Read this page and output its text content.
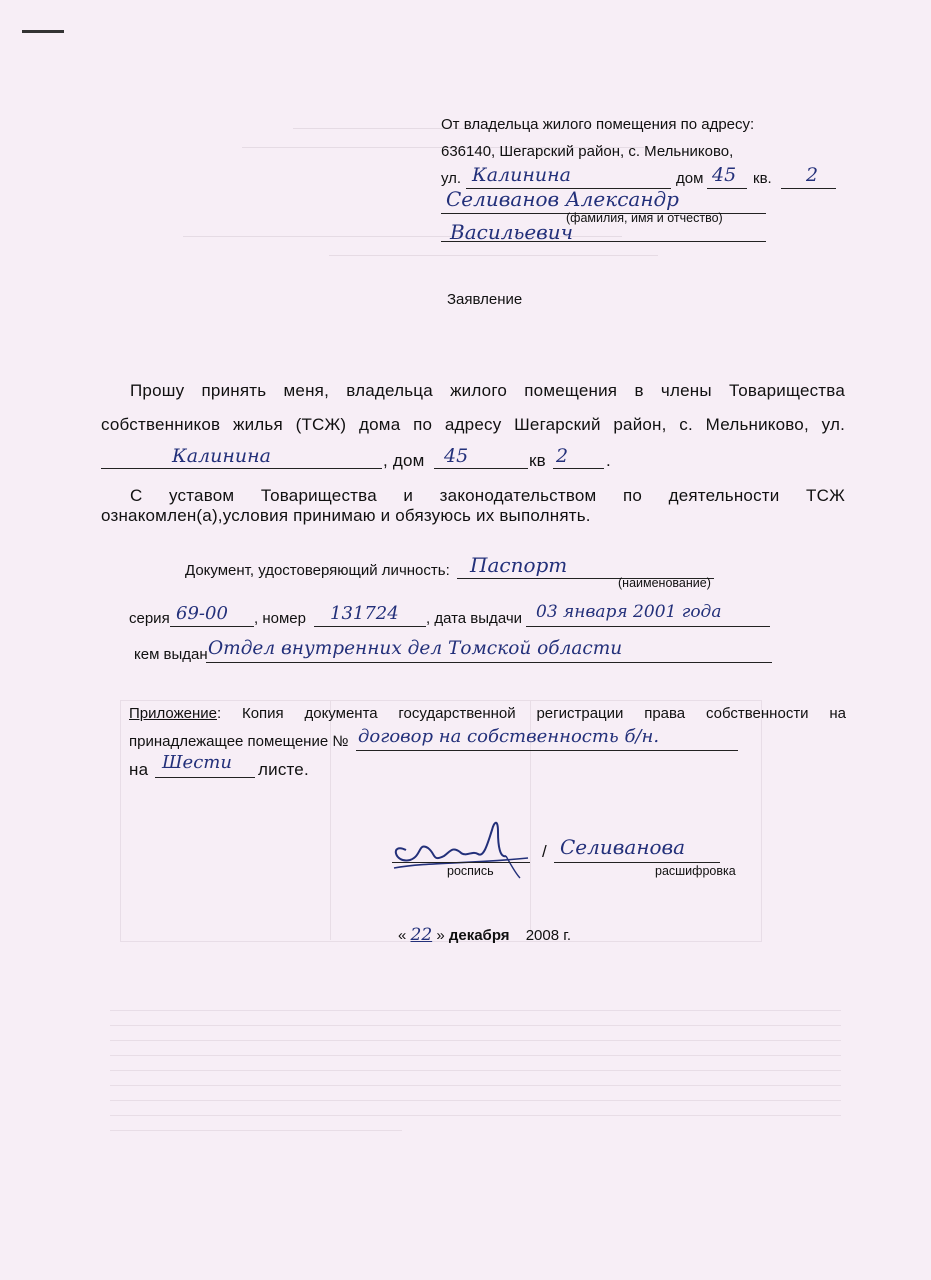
От владельца жилого помещения по адресу:
636140, Шегарский район, с. Мельниково,
ул. Калинина	дом 45 кв. 2
Селиванов Александр
(фамилия, имя и отчество)
Васильевич
Заявление
Прошу принять меня, владельца жилого помещения в члены Товарищества
собственников жилья (ТСЖ) дома по адресу Шегарский район, с. Мельниково, ул.
Калинина	, дом 45	кв 2 .
С уставом Товарищества и законодательством по деятельности ТСЖ
ознакомлен(а),условия принимаю и обязуюсь их выполнять.
Документ, удостоверяющий личность: Паспорт
(наименование)
серия 69-00 , номер 131724 , дата выдачи 03 января 2001 года
кем выдан Отдел внутренних дел Томской области
Приложение: Копия документа государственной регистрации права собственности на
принадлежащее помещение № договор на собственность б/н.
на Шести листе.
/ Селиванова
роспись	расшифровка
« 22 » декабря 2008 г.
